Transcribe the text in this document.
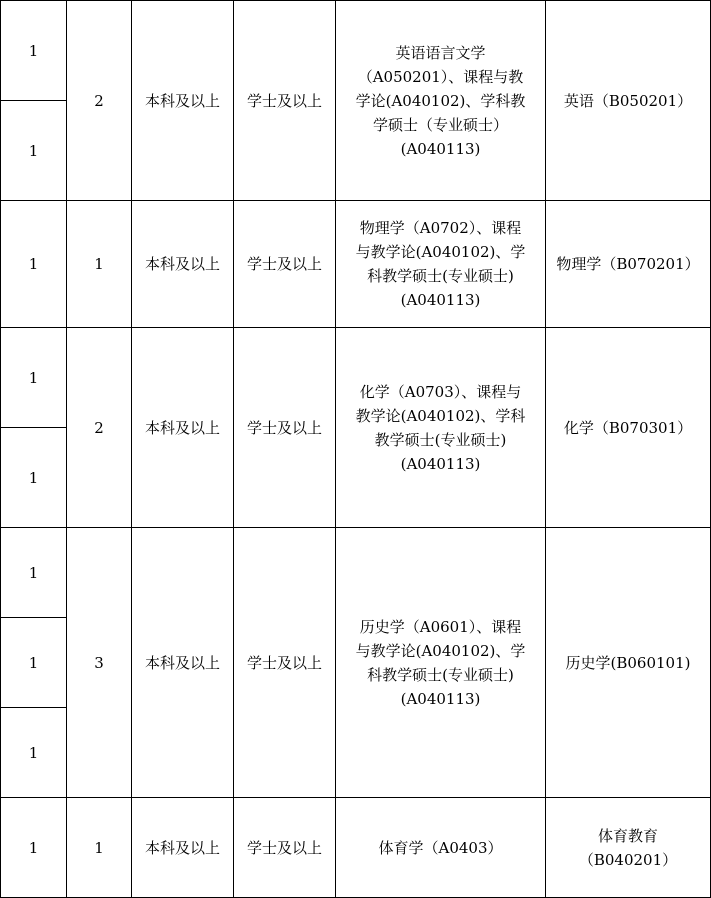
1	2	本科及以上	学士及以上	英语语言文学
（A050201）、课程与教
学论(A040102)、学科教
学硕士（专业硕士）
(A040113)	英语（B050201）

1					
1	1	本科及以上	学士及以上	物理学（A0702）、课程
与教学论(A040102)、学
科教学硕士(专业硕士)
(A040113)	物理学（B070201）

1	2	本科及以上	学士及以上	化学（A0703）、课程与
教学论(A040102)、学科
教学硕士(专业硕士)
(A040113)	化学（B070301）

1					
1	3	本科及以上	学士及以上	历史学（A0601）、课程
与教学论(A040102)、学
科教学硕士(专业硕士)
(A040113)	历史学(B060101)

1					
1					
1	1	本科及以上	学士及以上	体育学（A0403）	体育教育
（B040201）
